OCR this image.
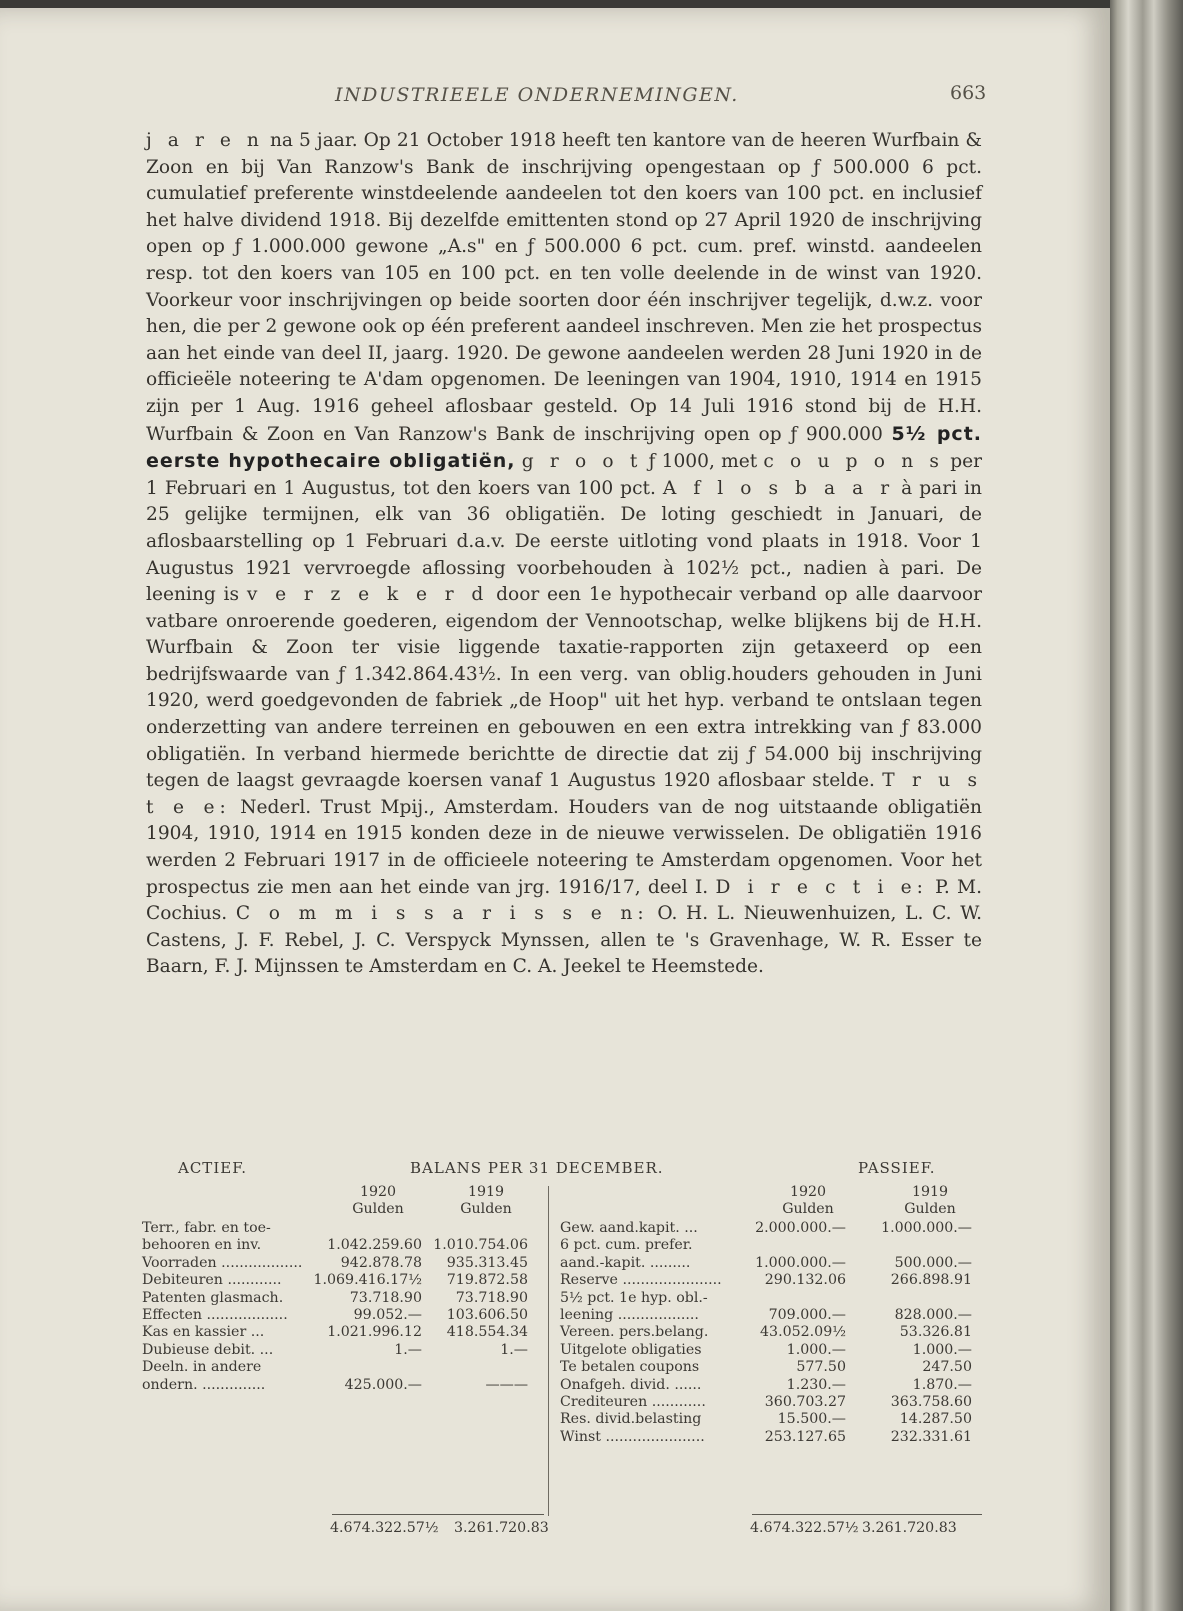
INDUSTRIEELE ONDERNEMINGEN.	663
j a r e n na 5 jaar. Op 21 October 1918 heeft ten kantore van de heeren Wurfbain & Zoon en bij Van Ranzow's Bank de inschrijving opengestaan op ƒ 500.000 6 pct. cumulatief preferente winstdeelende aandeelen tot den koers van 100 pct. en inclusief het halve dividend 1918. Bij dezelfde emittenten stond op 27 April 1920 de inschrijving open op ƒ 1.000.000 gewone „A.s" en ƒ 500.000 6 pct. cum. pref. winstd. aandeelen resp. tot den koers van 105 en 100 pct. en ten volle deelende in de winst van 1920. Voorkeur voor inschrijvingen op beide soorten door één inschrijver tegelijk, d.w.z. voor hen, die per 2 gewone ook op één preferent aandeel inschreven. Men zie het prospectus aan het einde van deel II, jaarg. 1920. De gewone aandeelen werden 28 Juni 1920 in de officieële noteering te A'dam opgenomen. De leeningen van 1904, 1910, 1914 en 1915 zijn per 1 Aug. 1916 geheel aflosbaar gesteld. Op 14 Juli 1916 stond bij de H.H. Wurfbain & Zoon en Van Ranzow's Bank de inschrijving open op ƒ 900.000 5½ pct. eerste hypothecaire obligatiën, g r o o t ƒ 1000, met c o u p o n s per 1 Februari en 1 Augustus, tot den koers van 100 pct. A f l o s b a a r à pari in 25 gelijke termijnen, elk van 36 obligatiën. De loting geschiedt in Januari, de aflosbaarstelling op 1 Februari d.a.v. De eerste uitloting vond plaats in 1918. Voor 1 Augustus 1921 vervroegde aflossing voorbehouden à 102½ pct., nadien à pari. De leening is v e r z e k e r d door een 1e hypothecair verband op alle daarvoor vatbare onroerende goederen, eigendom der Vennootschap, welke blijkens bij de H.H. Wurfbain & Zoon ter visie liggende taxatie-rapporten zijn getaxeerd op een bedrijfswaarde van ƒ 1.342.864.43½. In een verg. van oblig.houders gehouden in Juni 1920, werd goedgevonden de fabriek „de Hoop" uit het hyp. verband te ontslaan tegen onderzetting van andere terreinen en gebouwen en een extra intrekking van ƒ 83.000 obligatiën. In verband hiermede berichtte de directie dat zij ƒ 54.000 bij inschrijving tegen de laagst gevraagde koersen vanaf 1 Augustus 1920 aflosbaar stelde. T r u s t e e: Nederl. Trust Mpij., Amsterdam. Houders van de nog uitstaande obligatiën 1904, 1910, 1914 en 1915 konden deze in de nieuwe verwisselen. De obligatiën 1916 werden 2 Februari 1917 in de officieele noteering te Amsterdam opgenomen. Voor het prospectus zie men aan het einde van jrg. 1916/17, deel I. D i r e c t i e: P. M. Cochius. C o m m i s s a r i s s e n: O. H. L. Nieuwenhuizen, L. C. W. Castens, J. F. Rebel, J. C. Verspyck Mynssen, allen te 's Gravenhage, W. R. Esser te Baarn, F. J. Mijnssen te Amsterdam en C. A. Jeekel te Heemstede.
ACTIEF.	BALANS PER 31 DECEMBER.	PASSIEF.
1920
Gulden
1919
Gulden
Terr., fabr. en toe-
behooren en inv.	1.042.259.60 1.010.754.06
Voorraden ..................	942.878.78 935.313.45
Debiteuren ............ 1.069.416.17½ 719.872.58
Patenten glasmach.	73.718.90 73.718.90
Effecten ..................	99.052.— 103.606.50
Kas en kassier ...	1.021.996.12 418.554.34
Dubieuse debit. ...	1.—	1.—
Deeln. in andere
ondern. ..............	425.000.—	———
1920
Gulden
1919
Gulden
Gew. aand.kapit. ...	2.000.000.— 1.000.000.—
6 pct. cum. prefer.
aand.-kapit. .........	1.000.000.—	500.000.—
Reserve ......................	290.132.06	266.898.91
5½ pct. 1e hyp. obl.-
leening ..................	709.000.—	828.000.—
Vereen. pers.belang.	43.052.09½	53.326.81
Uitgelote obligaties	1.000.—	1.000.—
Te betalen coupons	577.50	247.50
Onafgeh. divid. ......	1.230.—	1.870.—
Crediteuren ............	360.703.27	363.758.60
Res. divid.belasting	15.500.—	14.287.50
Winst ......................	253.127.65	232.331.61
4.674.322.57½ 3.261.720.83	4.674.322.57½ 3.261.720.83
